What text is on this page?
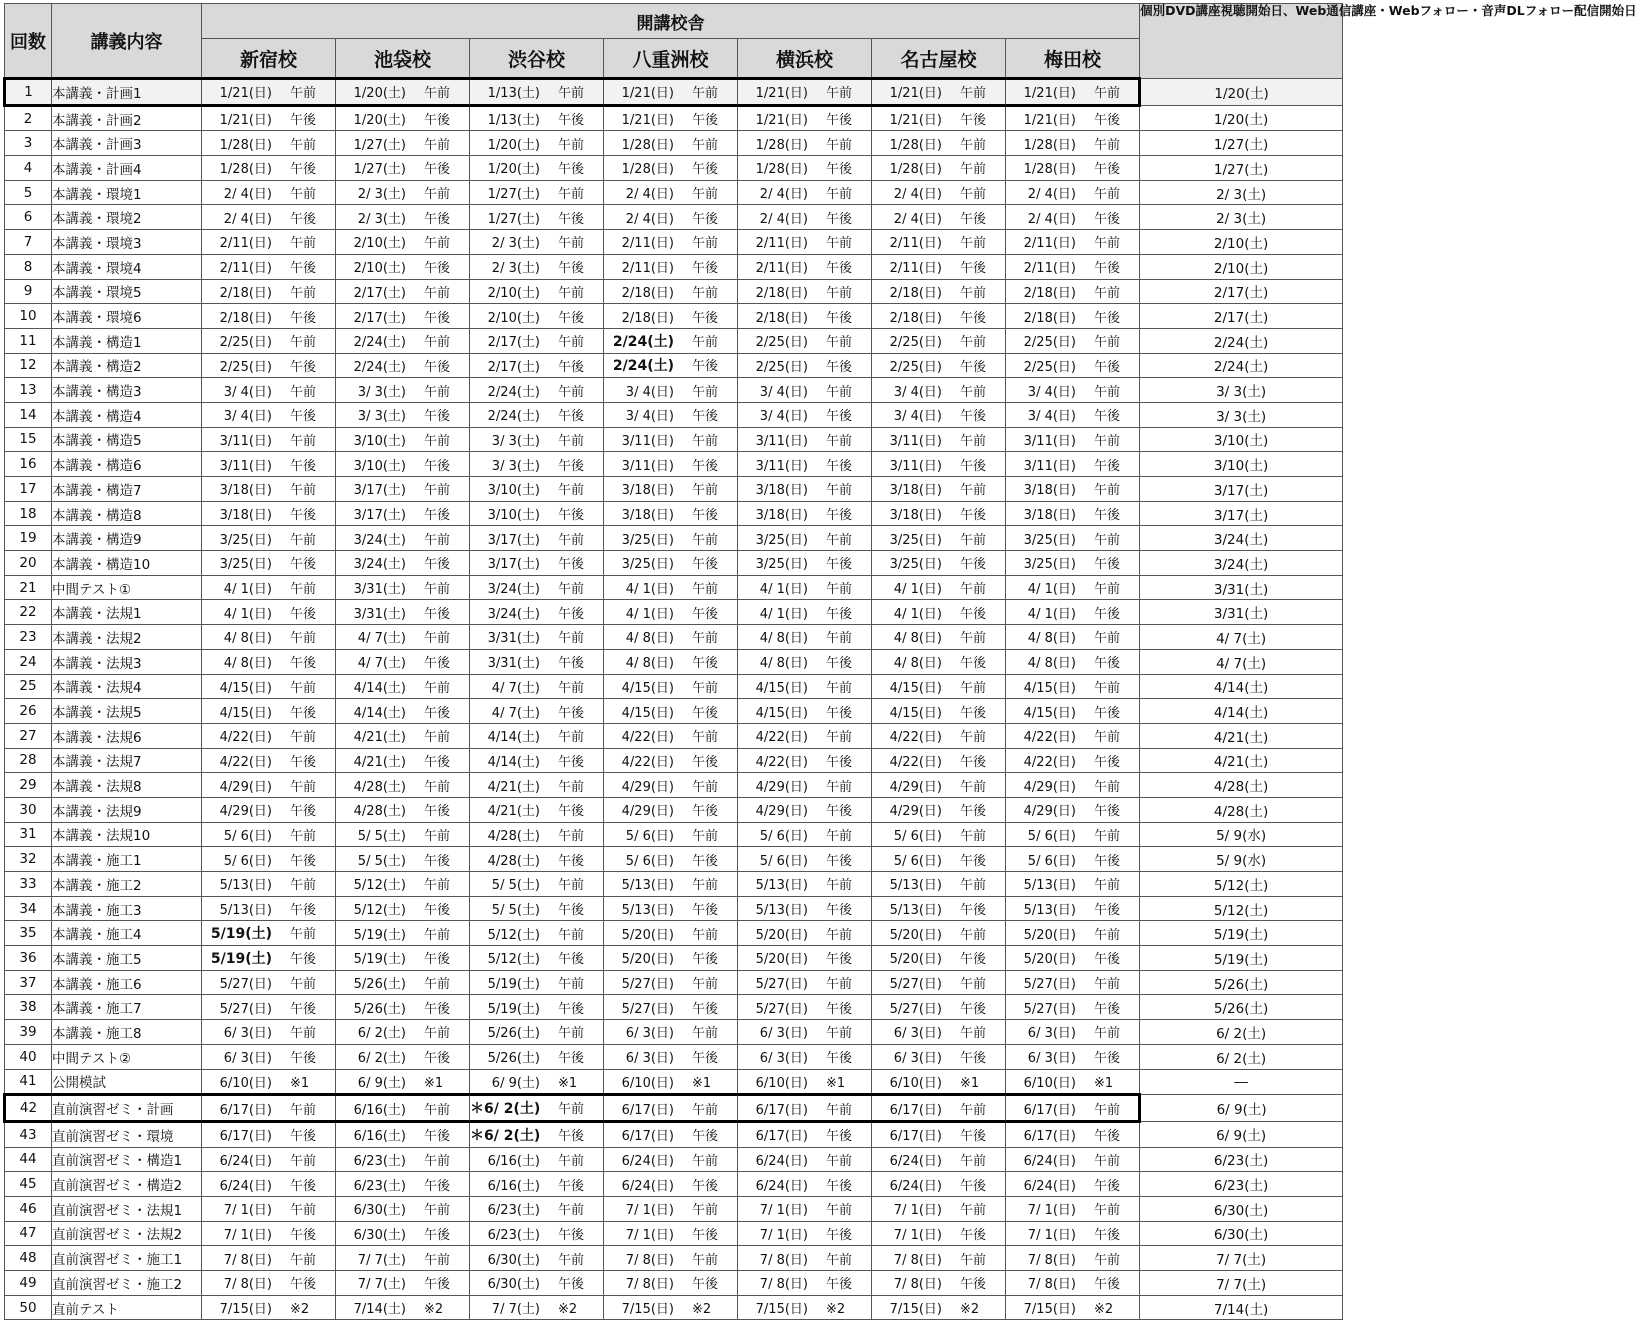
回数	講義内容	開講校舎							個別DVD講座視聴開始日、Web通信講座・Webフォロー・音声DLフォロー配信開始日
		新宿校	池袋校	渋谷校	八重洲校	横浜校	名古屋校	梅田校	
1	本講義・計画1	1/21(日) 午前	1/20(土) 午前	1/13(土) 午前	1/21(日) 午前	1/21(日) 午前	1/21(日) 午前	1/21(日) 午前	1/20(土)
2	本講義・計画2	1/21(日) 午後	1/20(土) 午後	1/13(土) 午後	1/21(日) 午後	1/21(日) 午後	1/21(日) 午後	1/21(日) 午後	1/20(土)
3	本講義・計画3	1/28(日) 午前	1/27(土) 午前	1/20(土) 午前	1/28(日) 午前	1/28(日) 午前	1/28(日) 午前	1/28(日) 午前	1/27(土)
4	本講義・計画4	1/28(日) 午後	1/27(土) 午後	1/20(土) 午後	1/28(日) 午後	1/28(日) 午後	1/28(日) 午前	1/28(日) 午後	1/27(土)
5	本講義・環境1	2/ 4(日) 午前	2/ 3(土) 午前	1/27(土) 午前	2/ 4(日) 午前	2/ 4(日) 午前	2/ 4(日) 午前	2/ 4(日) 午前	2/ 3(土)
6	本講義・環境2	2/ 4(日) 午後	2/ 3(土) 午後	1/27(土) 午後	2/ 4(日) 午後	2/ 4(日) 午後	2/ 4(日) 午後	2/ 4(日) 午後	2/ 3(土)
7	本講義・環境3	2/11(日) 午前	2/10(土) 午前	2/ 3(土) 午前	2/11(日) 午前	2/11(日) 午前	2/11(日) 午前	2/11(日) 午前	2/10(土)
8	本講義・環境4	2/11(日) 午後	2/10(土) 午後	2/ 3(土) 午後	2/11(日) 午後	2/11(日) 午後	2/11(日) 午後	2/11(日) 午後	2/10(土)
9	本講義・環境5	2/18(日) 午前	2/17(土) 午前	2/10(土) 午前	2/18(日) 午前	2/18(日) 午前	2/18(日) 午前	2/18(日) 午前	2/17(土)
10	本講義・環境6	2/18(日) 午後	2/17(土) 午後	2/10(土) 午後	2/18(日) 午後	2/18(日) 午後	2/18(日) 午後	2/18(日) 午後	2/17(土)
11	本講義・構造1	2/25(日) 午前	2/24(土) 午前	2/17(土) 午前	2/24(土) 午前	2/25(日) 午前	2/25(日) 午前	2/25(日) 午前	2/24(土)
12	本講義・構造2	2/25(日) 午後	2/24(土) 午後	2/17(土) 午後	2/24(土) 午後	2/25(日) 午後	2/25(日) 午後	2/25(日) 午後	2/24(土)
13	本講義・構造3	3/ 4(日) 午前	3/ 3(土) 午前	2/24(土) 午前	3/ 4(日) 午前	3/ 4(日) 午前	3/ 4(日) 午前	3/ 4(日) 午前	3/ 3(土)
14	本講義・構造4	3/ 4(日) 午後	3/ 3(土) 午後	2/24(土) 午後	3/ 4(日) 午後	3/ 4(日) 午後	3/ 4(日) 午後	3/ 4(日) 午後	3/ 3(土)
15	本講義・構造5	3/11(日) 午前	3/10(土) 午前	3/ 3(土) 午前	3/11(日) 午前	3/11(日) 午前	3/11(日) 午前	3/11(日) 午前	3/10(土)
16	本講義・構造6	3/11(日) 午後	3/10(土) 午後	3/ 3(土) 午後	3/11(日) 午後	3/11(日) 午後	3/11(日) 午後	3/11(日) 午後	3/10(土)
17	本講義・構造7	3/18(日) 午前	3/17(土) 午前	3/10(土) 午前	3/18(日) 午前	3/18(日) 午前	3/18(日) 午前	3/18(日) 午前	3/17(土)
18	本講義・構造8	3/18(日) 午後	3/17(土) 午後	3/10(土) 午後	3/18(日) 午後	3/18(日) 午後	3/18(日) 午後	3/18(日) 午後	3/17(土)
19	本講義・構造9	3/25(日) 午前	3/24(土) 午前	3/17(土) 午前	3/25(日) 午前	3/25(日) 午前	3/25(日) 午前	3/25(日) 午前	3/24(土)
20	本講義・構造10	3/25(日) 午後	3/24(土) 午後	3/17(土) 午後	3/25(日) 午後	3/25(日) 午後	3/25(日) 午後	3/25(日) 午後	3/24(土)
21	中間テスト①	4/ 1(日) 午前	3/31(土) 午前	3/24(土) 午前	4/ 1(日) 午前	4/ 1(日) 午前	4/ 1(日) 午前	4/ 1(日) 午前	3/31(土)
22	本講義・法規1	4/ 1(日) 午後	3/31(土) 午後	3/24(土) 午後	4/ 1(日) 午後	4/ 1(日) 午後	4/ 1(日) 午後	4/ 1(日) 午後	3/31(土)
23	本講義・法規2	4/ 8(日) 午前	4/ 7(土) 午前	3/31(土) 午前	4/ 8(日) 午前	4/ 8(日) 午前	4/ 8(日) 午前	4/ 8(日) 午前	4/ 7(土)
24	本講義・法規3	4/ 8(日) 午後	4/ 7(土) 午後	3/31(土) 午後	4/ 8(日) 午後	4/ 8(日) 午後	4/ 8(日) 午後	4/ 8(日) 午後	4/ 7(土)
25	本講義・法規4	4/15(日) 午前	4/14(土) 午前	4/ 7(土) 午前	4/15(日) 午前	4/15(日) 午前	4/15(日) 午前	4/15(日) 午前	4/14(土)
26	本講義・法規5	4/15(日) 午後	4/14(土) 午後	4/ 7(土) 午後	4/15(日) 午後	4/15(日) 午後	4/15(日) 午後	4/15(日) 午後	4/14(土)
27	本講義・法規6	4/22(日) 午前	4/21(土) 午前	4/14(土) 午前	4/22(日) 午前	4/22(日) 午前	4/22(日) 午前	4/22(日) 午前	4/21(土)
28	本講義・法規7	4/22(日) 午後	4/21(土) 午後	4/14(土) 午後	4/22(日) 午後	4/22(日) 午後	4/22(日) 午後	4/22(日) 午後	4/21(土)
29	本講義・法規8	4/29(日) 午前	4/28(土) 午前	4/21(土) 午前	4/29(日) 午前	4/29(日) 午前	4/29(日) 午前	4/29(日) 午前	4/28(土)
30	本講義・法規9	4/29(日) 午後	4/28(土) 午後	4/21(土) 午後	4/29(日) 午後	4/29(日) 午後	4/29(日) 午後	4/29(日) 午後	4/28(土)
31	本講義・法規10	5/ 6(日) 午前	5/ 5(土) 午前	4/28(土) 午前	5/ 6(日) 午前	5/ 6(日) 午前	5/ 6(日) 午前	5/ 6(日) 午前	5/ 9(水)
32	本講義・施工1	5/ 6(日) 午後	5/ 5(土) 午後	4/28(土) 午後	5/ 6(日) 午後	5/ 6(日) 午後	5/ 6(日) 午後	5/ 6(日) 午後	5/ 9(水)
33	本講義・施工2	5/13(日) 午前	5/12(土) 午前	5/ 5(土) 午前	5/13(日) 午前	5/13(日) 午前	5/13(日) 午前	5/13(日) 午前	5/12(土)
34	本講義・施工3	5/13(日) 午後	5/12(土) 午後	5/ 5(土) 午後	5/13(日) 午後	5/13(日) 午後	5/13(日) 午後	5/13(日) 午後	5/12(土)
35	本講義・施工4	5/19(土) 午前	5/19(土) 午前	5/12(土) 午前	5/20(日) 午前	5/20(日) 午前	5/20(日) 午前	5/20(日) 午前	5/19(土)
36	本講義・施工5	5/19(土) 午後	5/19(土) 午後	5/12(土) 午後	5/20(日) 午後	5/20(日) 午後	5/20(日) 午後	5/20(日) 午後	5/19(土)
37	本講義・施工6	5/27(日) 午前	5/26(土) 午前	5/19(土) 午前	5/27(日) 午前	5/27(日) 午前	5/27(日) 午前	5/27(日) 午前	5/26(土)
38	本講義・施工7	5/27(日) 午後	5/26(土) 午後	5/19(土) 午後	5/27(日) 午後	5/27(日) 午後	5/27(日) 午後	5/27(日) 午後	5/26(土)
39	本講義・施工8	6/ 3(日) 午前	6/ 2(土) 午前	5/26(土) 午前	6/ 3(日) 午前	6/ 3(日) 午前	6/ 3(日) 午前	6/ 3(日) 午前	6/ 2(土)
40	中間テスト②	6/ 3(日) 午後	6/ 2(土) 午後	5/26(土) 午後	6/ 3(日) 午後	6/ 3(日) 午後	6/ 3(日) 午後	6/ 3(日) 午後	6/ 2(土)
41	公開模試	6/10(日) ※1	6/ 9(土) ※1	6/ 9(土) ※1	6/10(日) ※1	6/10(日) ※1	6/10(日) ※1	6/10(日) ※1	―
42	直前演習ゼミ・計画	6/17(日) 午前	6/16(土) 午前	＊6/ 2(土) 午前	6/17(日) 午前	6/17(日) 午前	6/17(日) 午前	6/17(日) 午前	6/ 9(土)
43	直前演習ゼミ・環境	6/17(日) 午後	6/16(土) 午後	＊6/ 2(土) 午後	6/17(日) 午後	6/17(日) 午後	6/17(日) 午後	6/17(日) 午後	6/ 9(土)
44	直前演習ゼミ・構造1	6/24(日) 午前	6/23(土) 午前	6/16(土) 午前	6/24(日) 午前	6/24(日) 午前	6/24(日) 午前	6/24(日) 午前	6/23(土)
45	直前演習ゼミ・構造2	6/24(日) 午後	6/23(土) 午後	6/16(土) 午後	6/24(日) 午後	6/24(日) 午後	6/24(日) 午後	6/24(日) 午後	6/23(土)
46	直前演習ゼミ・法規1	7/ 1(日) 午前	6/30(土) 午前	6/23(土) 午前	7/ 1(日) 午前	7/ 1(日) 午前	7/ 1(日) 午前	7/ 1(日) 午前	6/30(土)
47	直前演習ゼミ・法規2	7/ 1(日) 午後	6/30(土) 午後	6/23(土) 午後	7/ 1(日) 午後	7/ 1(日) 午後	7/ 1(日) 午後	7/ 1(日) 午後	6/30(土)
48	直前演習ゼミ・施工1	7/ 8(日) 午前	7/ 7(土) 午前	6/30(土) 午前	7/ 8(日) 午前	7/ 8(日) 午前	7/ 8(日) 午前	7/ 8(日) 午前	7/ 7(土)
49	直前演習ゼミ・施工2	7/ 8(日) 午後	7/ 7(土) 午後	6/30(土) 午後	7/ 8(日) 午後	7/ 8(日) 午後	7/ 8(日) 午後	7/ 8(日) 午後	7/ 7(土)
50	直前テスト	7/15(日) ※2	7/14(土) ※2	7/ 7(土) ※2	7/15(日) ※2	7/15(日) ※2	7/15(日) ※2	7/15(日) ※2	7/14(土)
